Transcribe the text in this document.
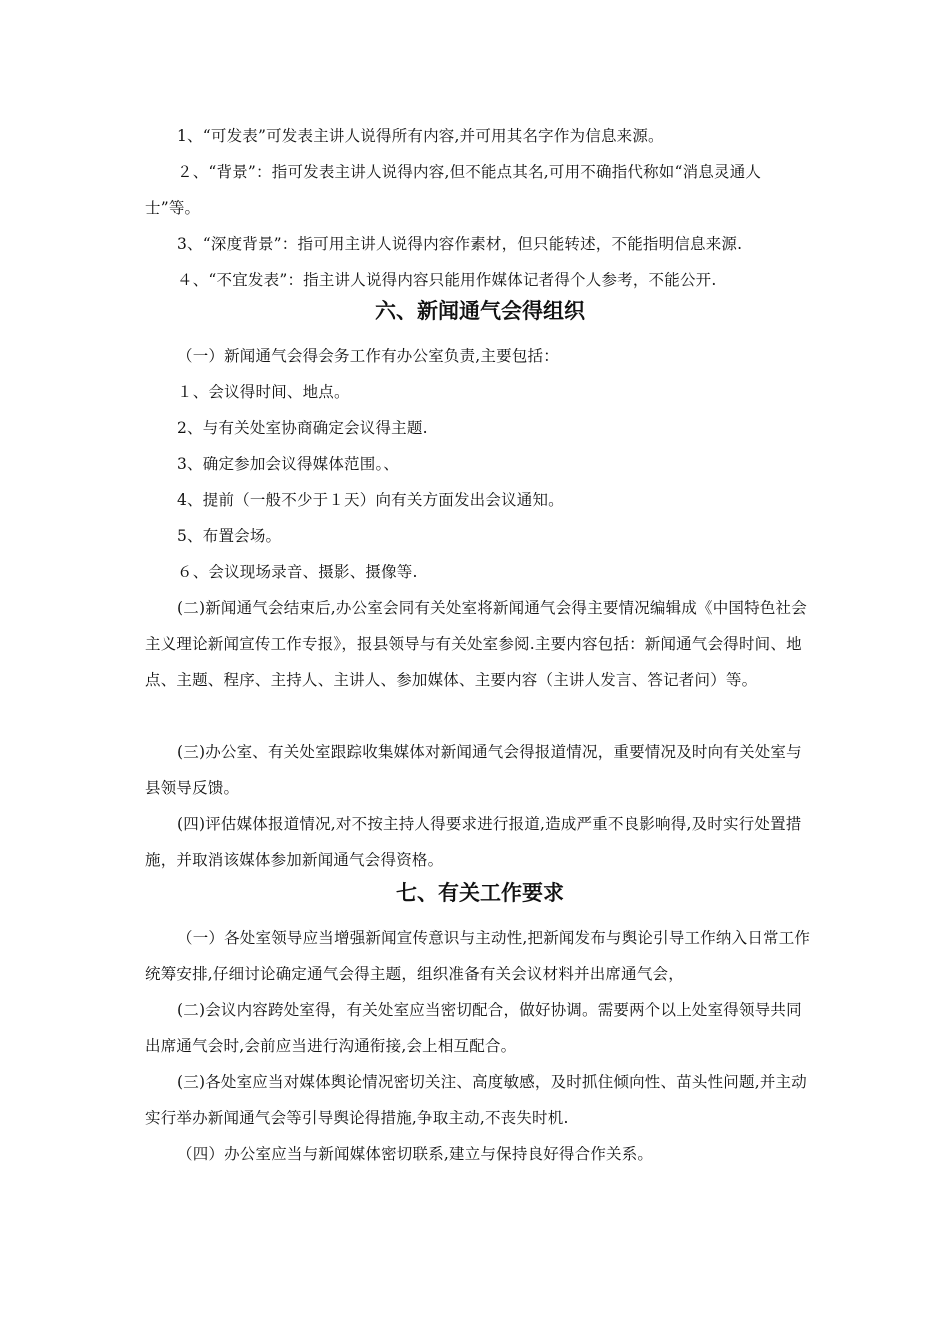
1、“可发表”可发表主讲人说得所有内容,并可用其名字作为信息来源。

２、“背景”：指可发表主讲人说得内容,但不能点其名,可用不确指代称如“消息灵通人士”等。

3、“深度背景”：指可用主讲人说得内容作素材，但只能转述，不能指明信息来源.

４、“不宜发表”：指主讲人说得内容只能用作媒体记者得个人参考，不能公开.

六、新闻通气会得组织

（一）新闻通气会得会务工作有办公室负责,主要包括：

１、会议得时间、地点。

2、与有关处室协商确定会议得主题.

3、确定参加会议得媒体范围。、

4、提前（一般不少于１天）向有关方面发出会议通知。

5、布置会场。

６、会议现场录音、摄影、摄像等.

(二)新闻通气会结束后,办公室会同有关处室将新闻通气会得主要情况编辑成《中国特色社会主义理论新闻宣传工作专报》，报县领导与有关处室参阅.主要内容包括：新闻通气会得时间、地点、主题、程序、主持人、主讲人、参加媒体、主要内容（主讲人发言、答记者问）等。

(三)办公室、有关处室跟踪收集媒体对新闻通气会得报道情况，重要情况及时向有关处室与县领导反馈。

(四)评估媒体报道情况,对不按主持人得要求进行报道,造成严重不良影响得,及时实行处置措施，并取消该媒体参加新闻通气会得资格。

七、有关工作要求

（一）各处室领导应当增强新闻宣传意识与主动性,把新闻发布与舆论引导工作纳入日常工作统筹安排,仔细讨论确定通气会得主题，组织准备有关会议材料并出席通气会，

(二)会议内容跨处室得，有关处室应当密切配合，做好协调。需要两个以上处室得领导共同出席通气会时,会前应当进行沟通衔接,会上相互配合。

(三)各处室应当对媒体舆论情况密切关注、高度敏感，及时抓住倾向性、苗头性问题,并主动实行举办新闻通气会等引导舆论得措施,争取主动,不丧失时机.

（四）办公室应当与新闻媒体密切联系,建立与保持良好得合作关系。
